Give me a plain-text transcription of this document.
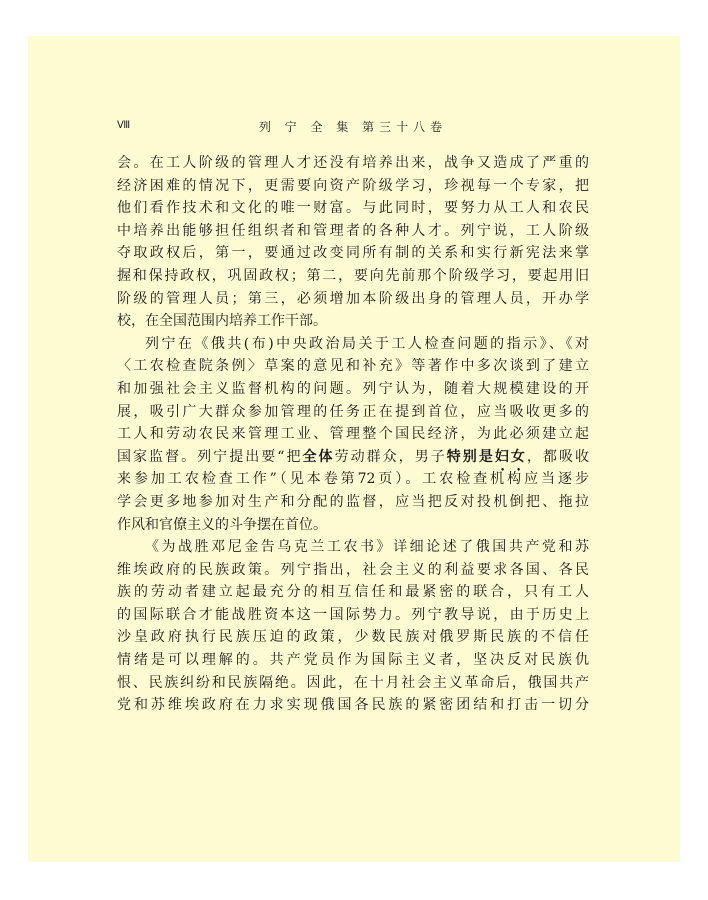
Ⅷ	列 宁 全 集 第三十八卷
会。在工人阶级的管理人才还没有培养出来，战争又造成了严重的
经济困难的情况下，更需要向资产阶级学习，珍视每一个专家，把
他们看作技术和文化的唯一财富。与此同时，要努力从工人和农民
中培养出能够担任组织者和管理者的各种人才。列宁说，工人阶级
夺取政权后，第一，要通过改变同所有制的关系和实行新宪法来掌
握和保持政权，巩固政权；第二，要向先前那个阶级学习，要起用旧
阶级的管理人员；第三，必须增加本阶级出身的管理人员，开办学
校，在全国范围内培养工作干部。
列宁在《俄共(布)中央政治局关于工人检查问题的指示》、《对
〈工农检查院条例〉草案的意见和补充》等著作中多次谈到了建立
和加强社会主义监督机构的问题。列宁认为，随着大规模建设的开
展，吸引广大群众参加管理的任务正在提到首位，应当吸收更多的
工人和劳动农民来管理工业、管理整个国民经济，为此必须建立起
国家监督。列宁提出要“把全体劳动群众，男子特别是妇女，都吸收
来参加工农检查工作”（见本卷第72页）。工农检查机构应当逐步
学会更多地参加对生产和分配的监督，应当把反对投机倒把、拖拉
作风和官僚主义的斗争摆在首位。
《为战胜邓尼金告乌克兰工农书》详细论述了俄国共产党和苏
维埃政府的民族政策。列宁指出，社会主义的利益要求各国、各民
族的劳动者建立起最充分的相互信任和最紧密的联合，只有工人
的国际联合才能战胜资本这一国际势力。列宁教导说，由于历史上
沙皇政府执行民族压迫的政策，少数民族对俄罗斯民族的不信任
情绪是可以理解的。共产党员作为国际主义者，坚决反对民族仇
恨、民族纠纷和民族隔绝。因此，在十月社会主义革命后，俄国共产
党和苏维埃政府在力求实现俄国各民族的紧密团结和打击一切分
